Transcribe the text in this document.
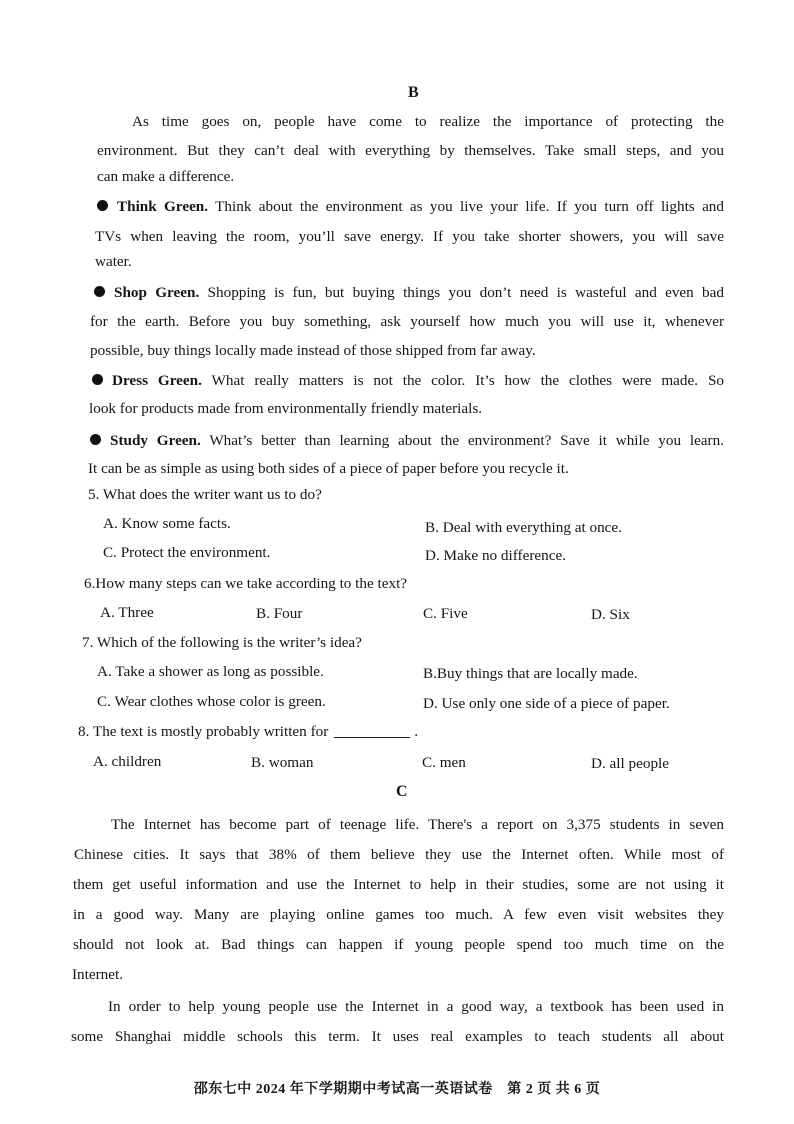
B
As time goes on, people have come to realize the importance of protecting the
environment. But they can’t deal with everything by themselves. Take small steps, and you
can make a difference.
Think Green. Think about the environment as you live your life. If you turn off lights and
TVs when leaving the room, you’ll save energy. If you take shorter showers, you will save
water.
Shop Green. Shopping is fun, but buying things you don’t need is wasteful and even bad
for the earth. Before you buy something, ask yourself how much you will use it, whenever
possible, buy things locally made instead of those shipped from far away.
Dress Green. What really matters is not the color. It’s how the clothes were made. So
look for products made from environmentally friendly materials.
Study Green. What’s better than learning about the environment? Save it while you learn.
It can be as simple as using both sides of a piece of paper before you recycle it.
5. What does the writer want us to do?
A. Know some facts.	B. Deal with everything at once.
C. Protect the environment.	D. Make no difference.
6.How many steps can we take according to the text?
A. Three	B. Four	C. Five	D. Six
7. Which of the following is the writer’s idea?
A. Take a shower as long as possible.	B.Buy things that are locally made.
C. Wear clothes whose color is green.	D. Use only one side of a piece of paper.
8. The text is mostly probably written for	.
A. children	B. woman	C. men	D. all people
C
The Internet has become part of teenage life. There's a report on 3,375 students in seven
Chinese cities. It says that 38% of them believe they use the Internet often. While most of
them get useful information and use the Internet to help in their studies, some are not using it
in a good way. Many are playing online games too much. A few even visit websites they
should not look at. Bad things can happen if young people spend too much time on the
Internet.
In order to help young people use the Internet in a good way, a textbook has been used in
some Shanghai middle schools this term. It uses real examples to teach students all about
邵东七中 2024 年下学期期中考试高一英语试卷　第 2 页 共 6 页
